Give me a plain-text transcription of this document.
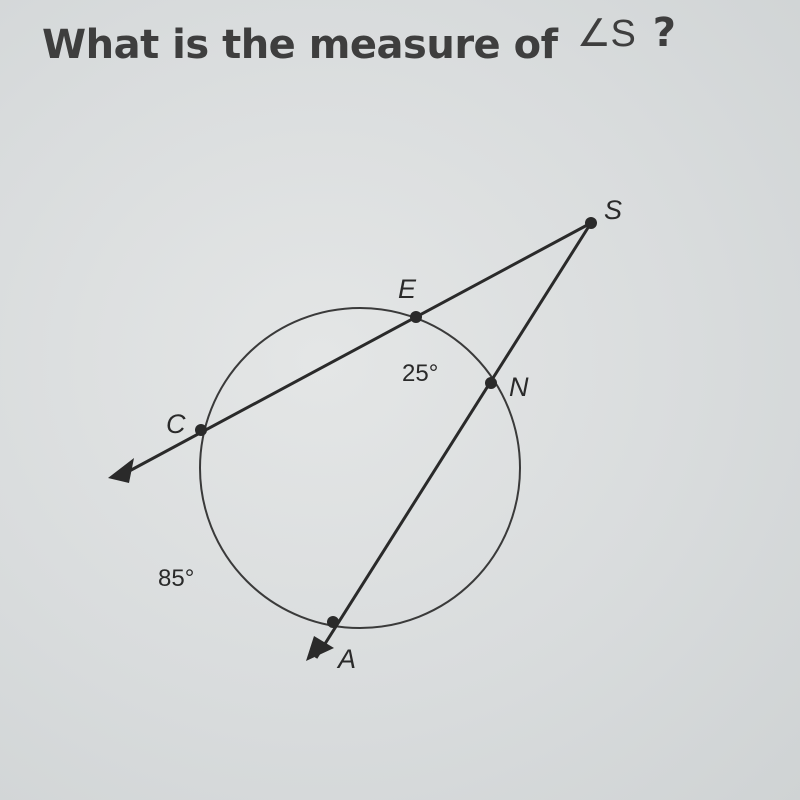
What is the measure of ∠S ?
S
E
N
C
A
25°
85°
